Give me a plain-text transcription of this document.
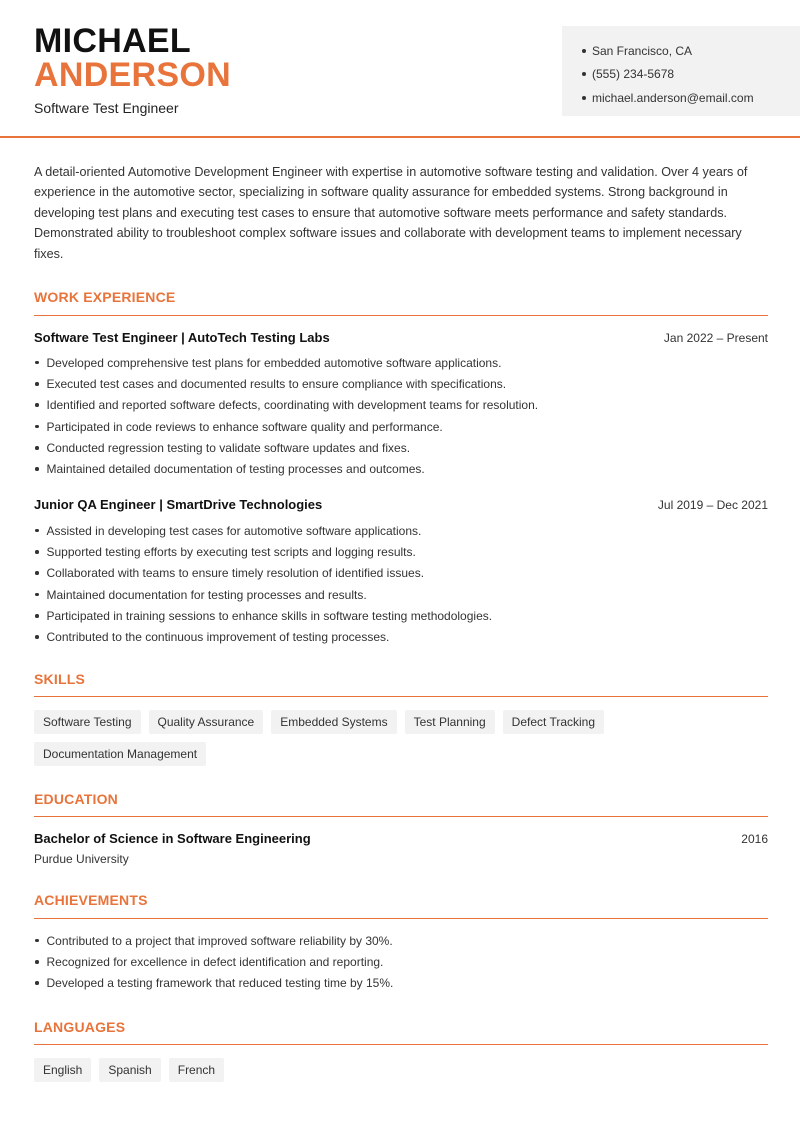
MICHAEL
ANDERSON
Software Test Engineer
San Francisco, CA
(555) 234-5678
michael.anderson@email.com

A detail-oriented Automotive Development Engineer with expertise in automotive software testing and validation. Over 4 years of experience in the automotive sector, specializing in software quality assurance for embedded systems. Strong background in developing test plans and executing test cases to ensure that automotive software meets performance and safety standards. Demonstrated ability to troubleshoot complex software issues and collaborate with development teams to implement necessary fixes.

WORK EXPERIENCE
Software Test Engineer | AutoTech Testing Labs	Jan 2022 – Present
Developed comprehensive test plans for embedded automotive software applications.
Executed test cases and documented results to ensure compliance with specifications.
Identified and reported software defects, coordinating with development teams for resolution.
Participated in code reviews to enhance software quality and performance.
Conducted regression testing to validate software updates and fixes.
Maintained detailed documentation of testing processes and outcomes.
Junior QA Engineer | SmartDrive Technologies	Jul 2019 – Dec 2021
Assisted in developing test cases for automotive software applications.
Supported testing efforts by executing test scripts and logging results.
Collaborated with teams to ensure timely resolution of identified issues.
Maintained documentation for testing processes and results.
Participated in training sessions to enhance skills in software testing methodologies.
Contributed to the continuous improvement of testing processes.
SKILLS
Software Testing	Quality Assurance	Embedded Systems	Test Planning	Defect Tracking
Documentation Management
EDUCATION
Bachelor of Science in Software Engineering	2016
Purdue University
ACHIEVEMENTS
Contributed to a project that improved software reliability by 30%.
Recognized for excellence in defect identification and reporting.
Developed a testing framework that reduced testing time by 15%.
LANGUAGES
English	Spanish	French
